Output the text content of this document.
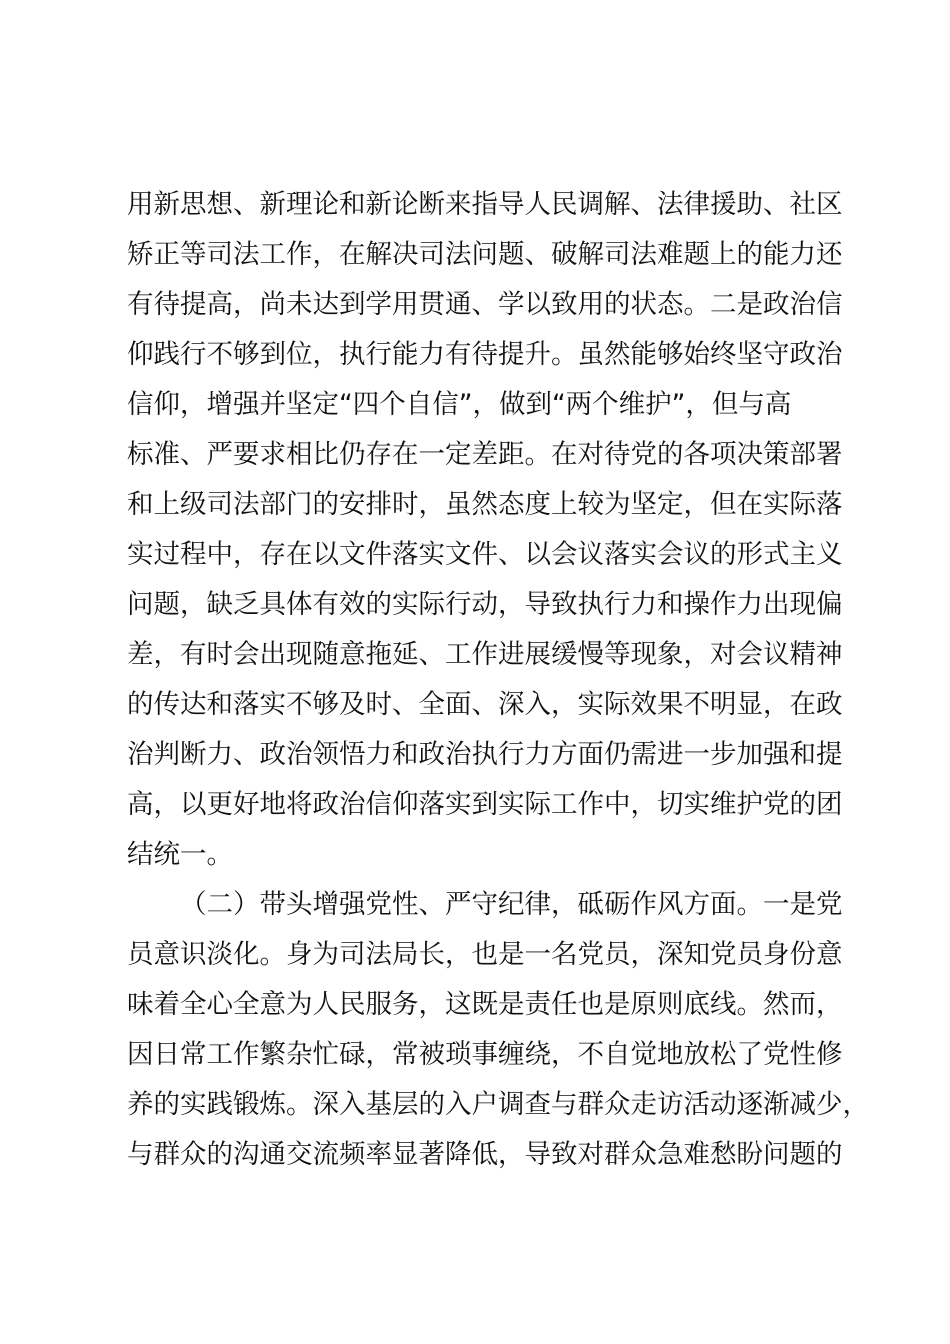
用新思想、新理论和新论断来指导人民调解、法律援助、社区
矫正等司法工作，在解决司法问题、破解司法难题上的能力还
有待提高，尚未达到学用贯通、学以致用的状态。二是政治信
仰践行不够到位，执行能力有待提升。虽然能够始终坚守政治
信仰，增强并坚定“四个自信”，做到“两个维护”，但与高
标准、严要求相比仍存在一定差距。在对待党的各项决策部署
和上级司法部门的安排时，虽然态度上较为坚定，但在实际落
实过程中，存在以文件落实文件、以会议落实会议的形式主义
问题，缺乏具体有效的实际行动，导致执行力和操作力出现偏
差，有时会出现随意拖延、工作进展缓慢等现象，对会议精神
的传达和落实不够及时、全面、深入，实际效果不明显，在政
治判断力、政治领悟力和政治执行力方面仍需进一步加强和提
高，以更好地将政治信仰落实到实际工作中，切实维护党的团
结统一。
（二）带头增强党性、严守纪律，砥砺作风方面。一是党
员意识淡化。身为司法局长，也是一名党员，深知党员身份意
味着全心全意为人民服务，这既是责任也是原则底线。然而，
因日常工作繁杂忙碌，常被琐事缠绕，不自觉地放松了党性修
养的实践锻炼。深入基层的入户调查与群众走访活动逐渐减少，
与群众的沟通交流频率显著降低，导致对群众急难愁盼问题的
